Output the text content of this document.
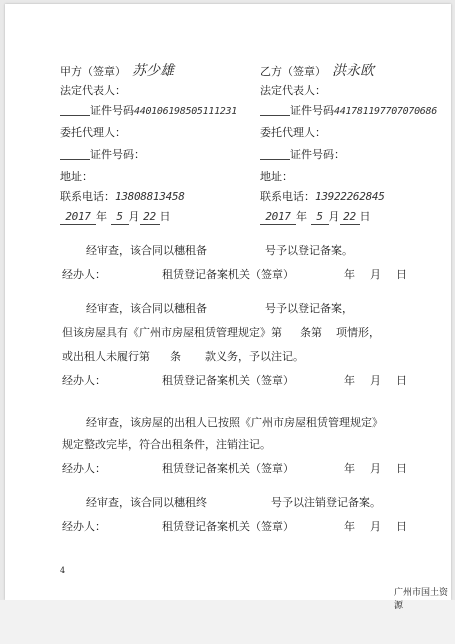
甲方（签章） 苏少雄
法定代表人：
证件号码440106198505111231
委托代理人：
证件号码：
地址：
联系电话：13808813458
2017 年 5 月 22 日
乙方（签章） 洪永欧
法定代表人：
证件号码441781197707070686
委托代理人：
证件号码：
地址：
联系电话：13922262845
2017 年 5 月 22 日
经审查，该合同以穗租备	号予以登记备案。
经办人：	租赁登记备案机关（签章）	年 月 日
经审查，该合同以穗租备	号予以登记备案，
但该房屋具有《广州市房屋租赁管理规定》第 条第 项情形，
或出租人未履行第 条 款义务，予以注记。
经办人：	租赁登记备案机关（签章）	年 月 日
经审查，该房屋的出租人已按照《广州市房屋租赁管理规定》
规定整改完毕，符合出租条件，注销注记。
经办人：	租赁登记备案机关（签章）	年 月 日
经审查，该合同以穗租终	号予以注销登记备案。
经办人：	租赁登记备案机关（签章）	年 月 日
4
广州市国土资源
